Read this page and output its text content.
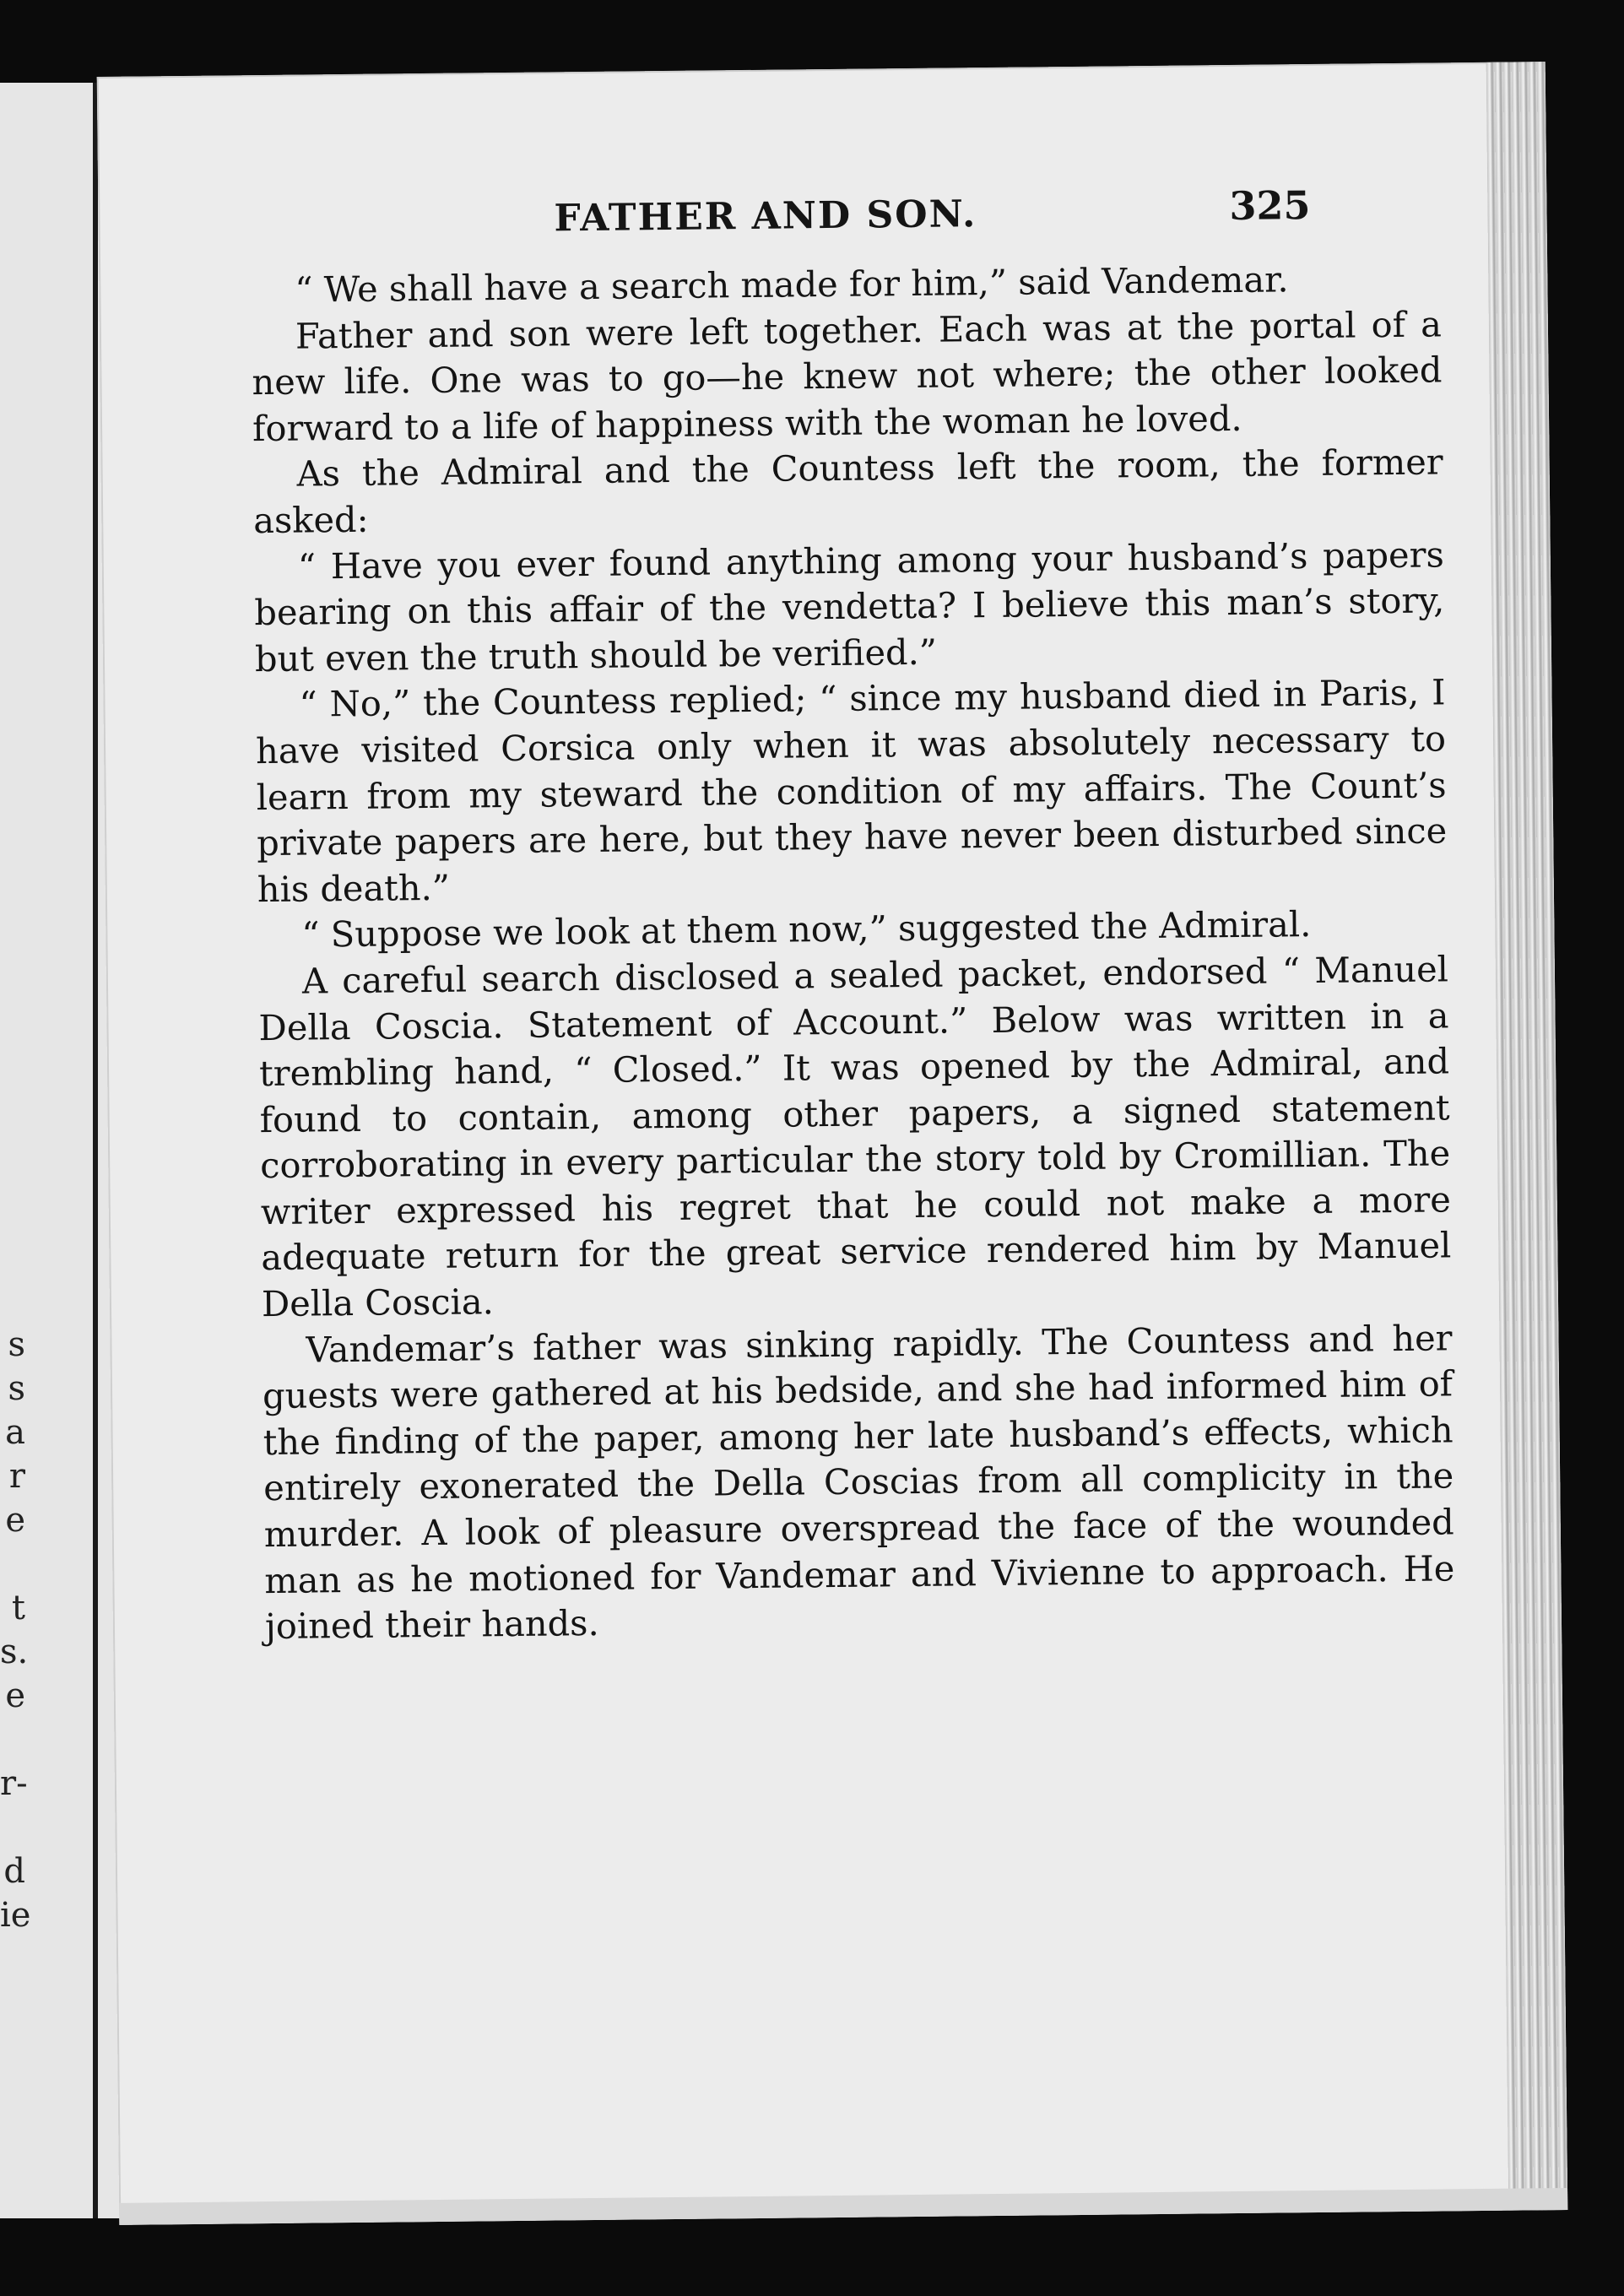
s
s
a
r
e
t
s.
e
r-
d
ie
FATHER AND SON.	325

“ We shall have a search made for him,” said Vandemar.

Father and son were left together. Each was at the portal of a new life. One was to go—he knew not where; the other looked forward to a life of happiness with the woman he loved.

As the Admiral and the Countess left the room, the former asked:

“ Have you ever found anything among your husband’s papers bearing on this affair of the vendetta? I believe this man’s story, but even the truth should be verified.”

“ No,” the Countess replied; “ since my husband died in Paris, I have visited Corsica only when it was absolutely necessary to learn from my steward the condition of my affairs. The Count’s private papers are here, but they have never been disturbed since his death.”

“ Suppose we look at them now,” suggested the Admiral.

A careful search disclosed a sealed packet, endorsed “ Manuel Della Coscia. Statement of Account.” Below was written in a trembling hand, “ Closed.” It was opened by the Admiral, and found to contain, among other papers, a signed statement corroborating in every particular the story told by Cromillian. The writer expressed his regret that he could not make a more adequate return for the great service rendered him by Manuel Della Coscia.

Vandemar’s father was sinking rapidly. The Countess and her guests were gathered at his bedside, and she had informed him of the finding of the paper, among her late husband’s effects, which entirely exonerated the Della Coscias from all complicity in the murder. A look of pleasure overspread the face of the wounded man as he motioned for Vandemar and Vivienne to approach. He joined their hands.
